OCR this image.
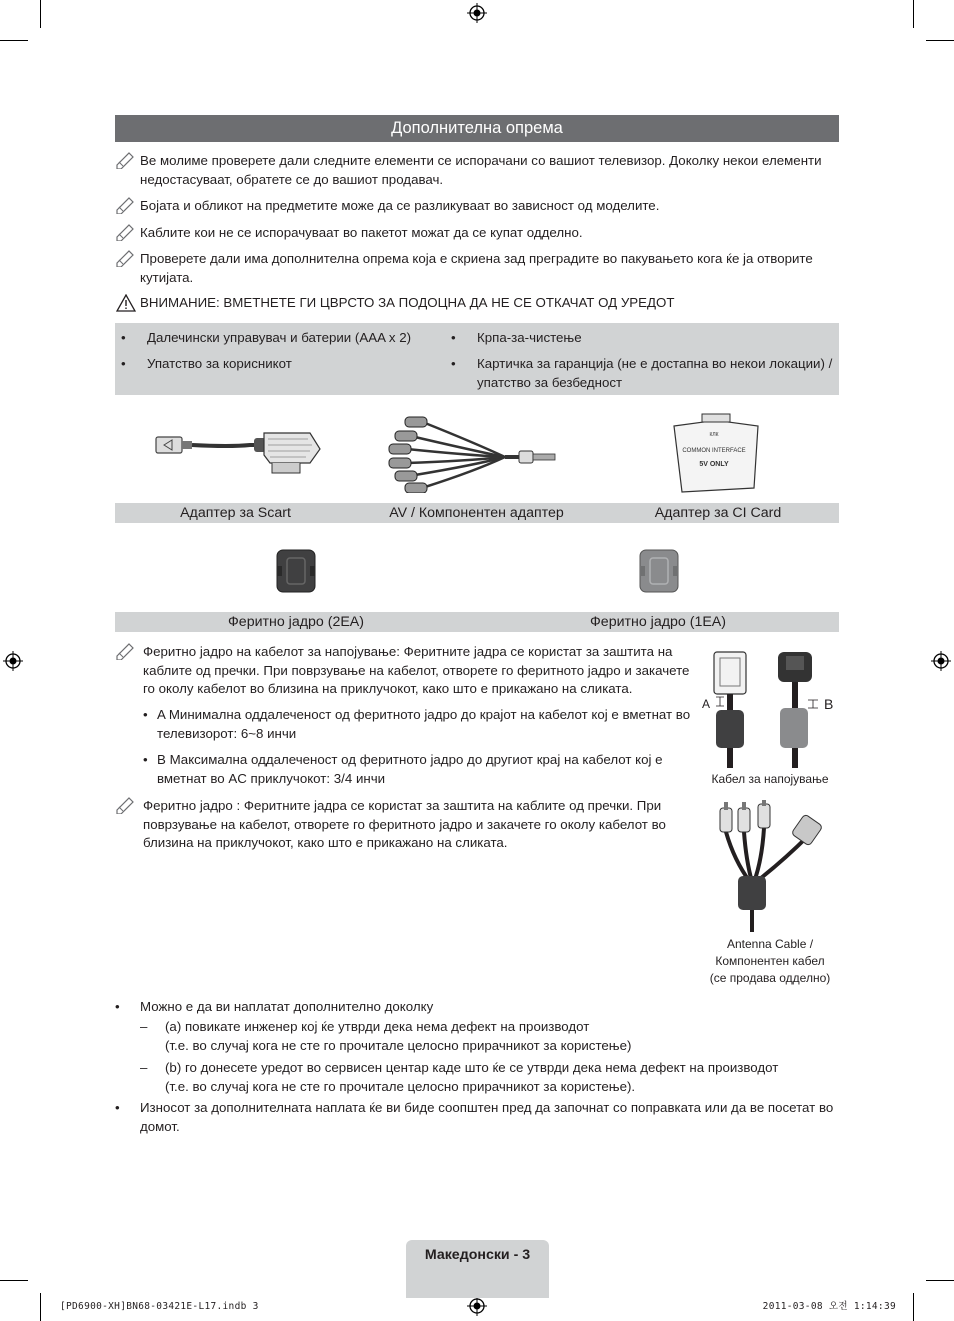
Дополнителна опрема
Ве молиме проверете дали следните елементи се испорачани со вашиот телевизор. Доколку некои елементи недостасуваат, обратете се до вашиот продавач.
Бојата и обликот на предметите може да се разликуваат во зависност од моделите.
Каблите кои не се испорачуваат во пакетот можат да се купат одделно.
Проверете дали има дополнителна опрема која е скриена зад преградите во пакувањето кога ќе ја отворите кутијата.
ВНИМАНИЕ: ВМЕТНЕТЕ ГИ ЦВРСТО ЗА ПОДОЦНА ДА НЕ СЕ ОТКАЧАТ ОД УРЕДОТ
• Далечински управувач и батерии (AAA x 2)
• Упатство за корисникот
• Крпа-за-чистење
• Картичка за гаранција (не е достапна во некои локации) /
упатство за безбедност
КЛК
COMMON INTERFACE
5V ONLY
Адаптер за Scart	AV / Компонентен адаптер	Адаптер за CI Card
Феритно јадро (2EA)	Феритно јадро (1EA)
Феритно јадро на кабелот за напојување: Феритните јадра се користат за заштита на каблите од пречки. При поврзување на кабелот, отворете го феритното јадро и закачете го околу кабелот во близина на приклучокот, како што е прикажано на сликата.
• A Минимална оддалеченост од феритното јадро до крајот на кабелот кој е вметнат во телевизорот: 6~8 инчи
• B Максимална оддалеченост од феритното јадро до другиот крај на кабелот кој е вметнат во AC приклучокот: 3/4 инчи
Феритно јадро : Феритните јадра се користат за заштита на каблите од пречки. При поврзување на кабелот, отворете го феритното јадро и закачете го околу кабелот во близина на приклучокот, како што е прикажано на сликата.
A	B
Кабел за напојување
Antenna Cable /
Компонентен кабел
(се продава одделно)
• Можно е да ви наплатат дополнително доколку
– (a) повикате инженер кој ќе утврди дека нема дефект на производот
(т.е. во случај кога не сте го прочитале целосно прирачникот за користење)
– (b) го донесете уредот во сервисен центар каде што ќе се утврди дека нема дефект на производот
(т.е. во случај кога не сте го прочитале целосно прирачникот за користење).
• Износот за дополнителната наплата ќе ви биде соопштен пред да започнат со поправката или да ве посетат во домот.
Македонски - 3
[PD6900-XH]BN68-03421E-L17.indb 3	2011-03-08 오전 1:14:39
